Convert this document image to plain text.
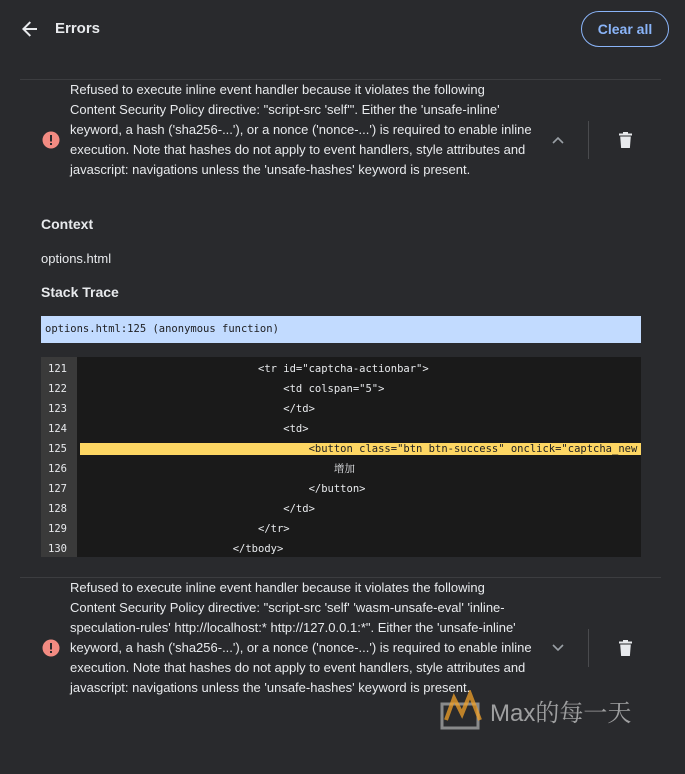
Errors	Clear all
Refused to execute inline event handler because it violates the following Content Security Policy directive: "script-src 'self'". Either the 'unsafe-inline' keyword, a hash ('sha256-...'), or a nonce ('nonce-...') is required to enable inline execution. Note that hashes do not apply to event handlers, style attributes and javascript: navigations unless the 'unsafe-hashes' keyword is present.
Context
options.html
Stack Trace
options.html:125 (anonymous function)
121 <tr id="captcha-actionbar">
122 <td colspan="5">
123 </td>
124 <td>
125 <button class="btn btn-success" onclick="captcha_new
126 增加
127 </button>
128 </td>
129 </tr>
130 </tbody>
Refused to execute inline event handler because it violates the following Content Security Policy directive: "script-src 'self' 'wasm-unsafe-eval' 'inline-speculation-rules' http://localhost:* http://127.0.0.1:*". Either the 'unsafe-inline' keyword, a hash ('sha256-...'), or a nonce ('nonce-...') is required to enable inline execution. Note that hashes do not apply to event handlers, style attributes and javascript: navigations unless the 'unsafe-hashes' keyword is present.
Max的每一天
